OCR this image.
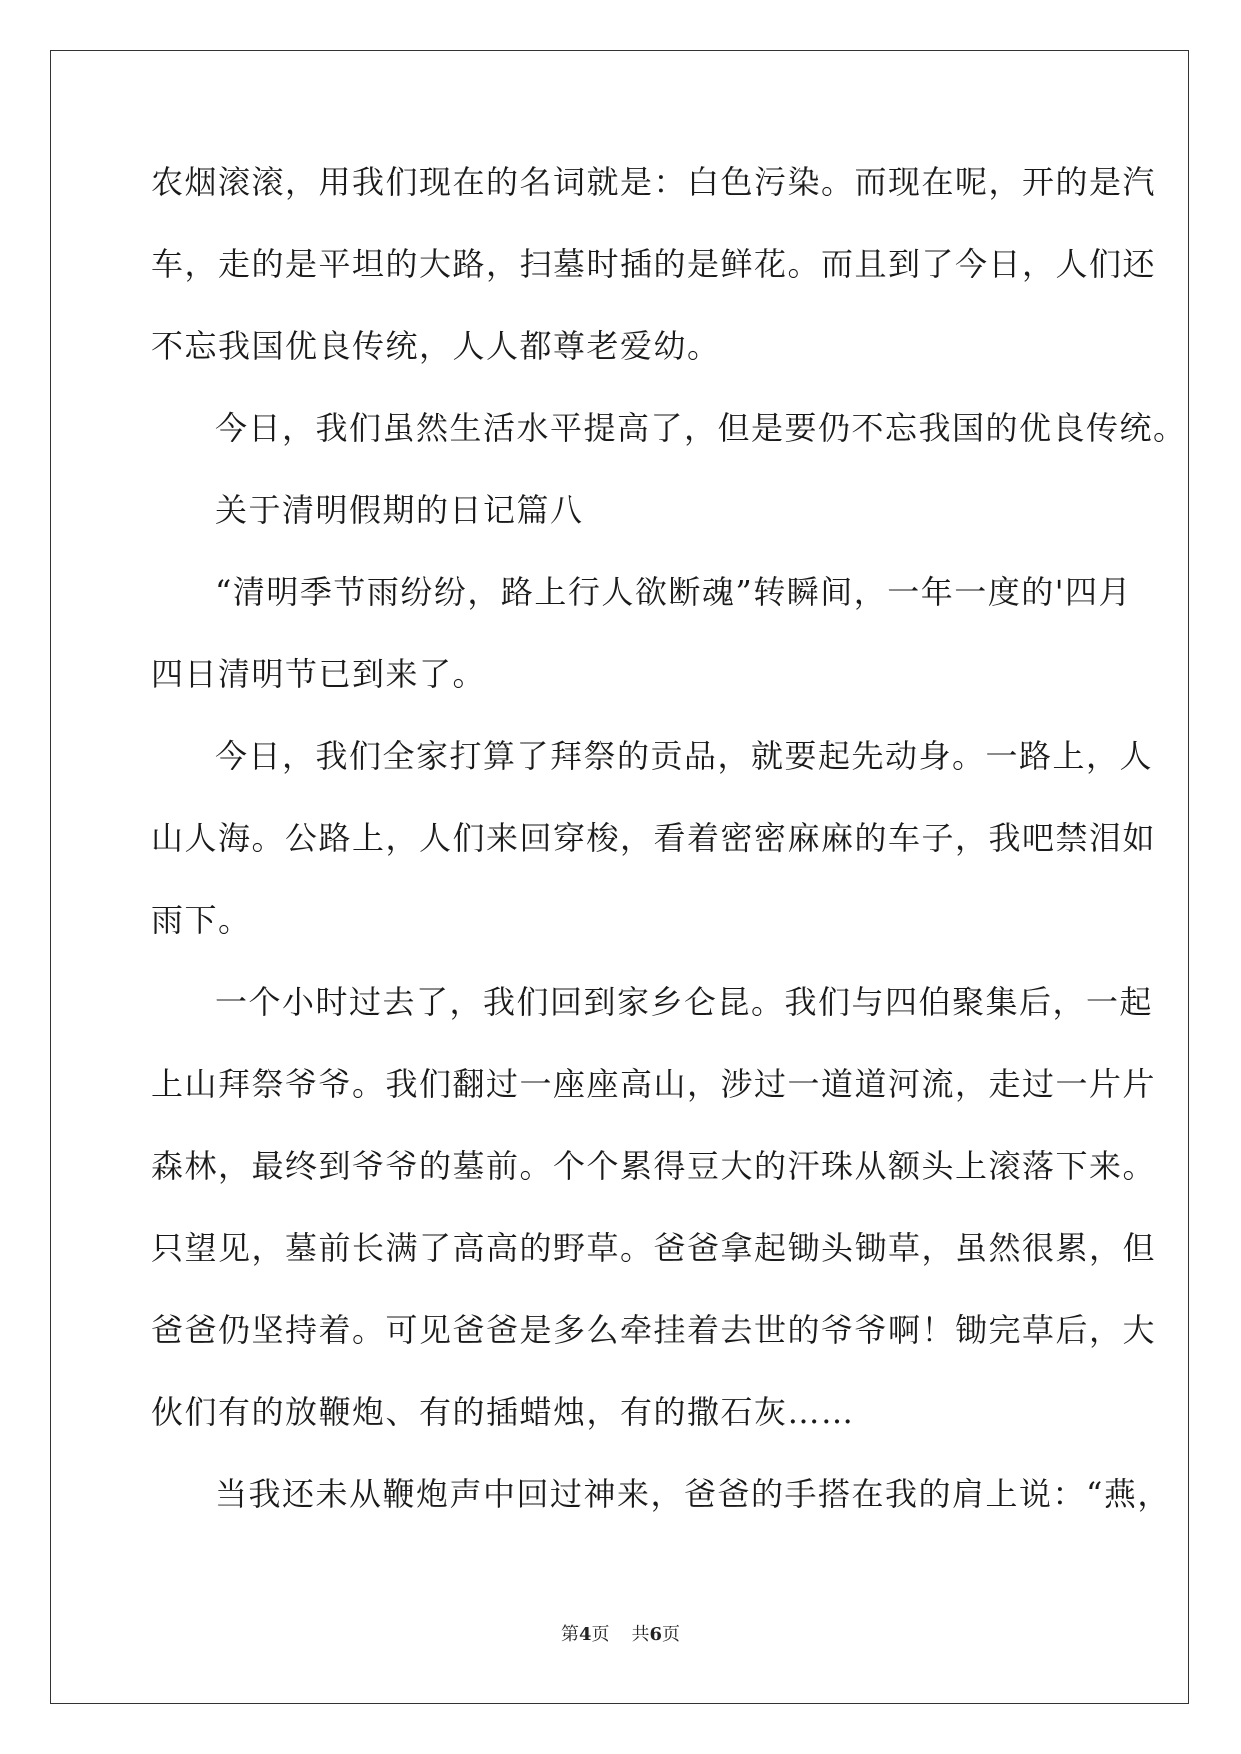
农烟滚滚，用我们现在的名词就是：白色污染。而现在呢，开的是汽
车，走的是平坦的大路，扫墓时插的是鲜花。而且到了今日，人们还
不忘我国优良传统，人人都尊老爱幼。
今日，我们虽然生活水平提高了，但是要仍不忘我国的优良传统。
关于清明假期的日记篇八
“清明季节雨纷纷，路上行人欲断魂”转瞬间，一年一度的'四月
四日清明节已到来了。
今日，我们全家打算了拜祭的贡品，就要起先动身。一路上，人
山人海。公路上，人们来回穿梭，看着密密麻麻的车子，我吧禁泪如
雨下。
一个小时过去了，我们回到家乡仑昆。我们与四伯聚集后，一起
上山拜祭爷爷。我们翻过一座座高山，涉过一道道河流，走过一片片
森林，最终到爷爷的墓前。个个累得豆大的汗珠从额头上滚落下来。
只望见，墓前长满了高高的野草。爸爸拿起锄头锄草，虽然很累，但
爸爸仍坚持着。可见爸爸是多么牵挂着去世的爷爷啊！锄完草后，大
伙们有的放鞭炮、有的插蜡烛，有的撒石灰……
当我还未从鞭炮声中回过神来，爸爸的手搭在我的肩上说：“燕，
第4页 共6页
